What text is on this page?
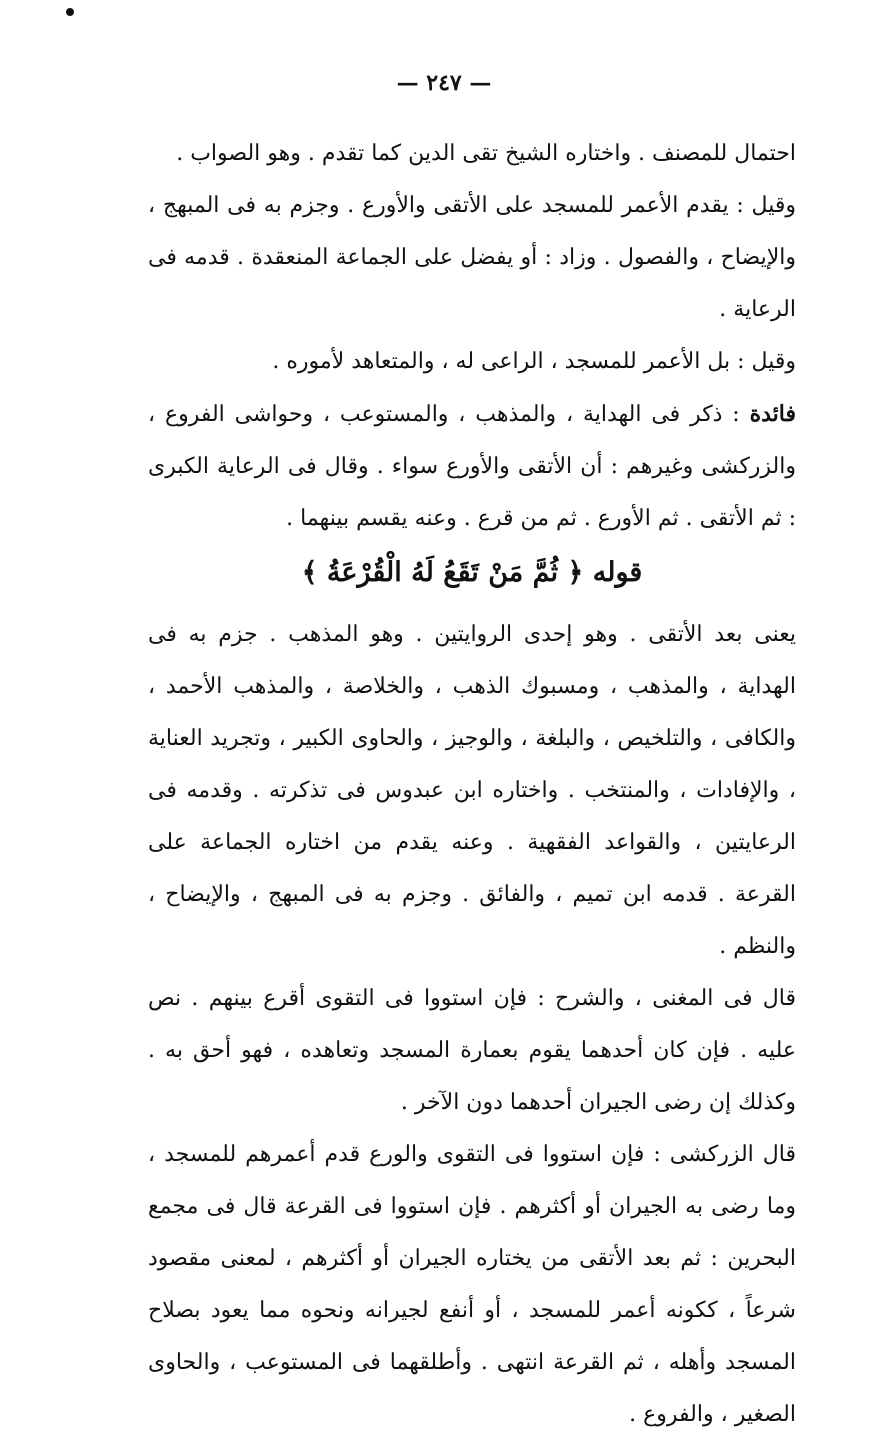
— ٢٤٧ —

احتمال للمصنف . واختاره الشيخ تقى الدين كما تقدم . وهو الصواب .

وقيل : يقدم الأعمر للمسجد على الأتقى والأورع . وجزم به فى المبهج ، والإيضاح ، والفصول . وزاد : أو يفضل على الجماعة المنعقدة . قدمه فى الرعاية .

وقيل : بل الأعمر للمسجد ، الراعى له ، والمتعاهد لأموره .

فائدة : ذكر فى الهداية ، والمذهب ، والمستوعب ، وحواشى الفروع ، والزركشى وغيرهم : أن الأتقى والأورع سواء . وقال فى الرعاية الكبرى : ثم الأتقى . ثم الأورع . ثم من قرع . وعنه يقسم بينهما .

قوله ﴿ ثُمَّ مَنْ تَقَعُ لَهُ الْقُرْعَةُ ﴾

يعنى بعد الأتقى . وهو إحدى الروايتين . وهو المذهب . جزم به فى الهداية ، والمذهب ، ومسبوك الذهب ، والخلاصة ، والمذهب الأحمد ، والكافى ، والتلخيص ، والبلغة ، والوجيز ، والحاوى الكبير ، وتجريد العناية ، والإفادات ، والمنتخب . واختاره ابن عبدوس فى تذكرته . وقدمه فى الرعايتين ، والقواعد الفقهية . وعنه يقدم من اختاره الجماعة على القرعة . قدمه ابن تميم ، والفائق . وجزم به فى المبهج ، والإيضاح ، والنظم .

قال فى المغنى ، والشرح : فإن استووا فى التقوى أقرع بينهم . نص عليه . فإن كان أحدهما يقوم بعمارة المسجد وتعاهده ، فهو أحق به . وكذلك إن رضى الجيران أحدهما دون الآخر .

قال الزركشى : فإن استووا فى التقوى والورع قدم أعمرهم للمسجد ، وما رضى به الجيران أو أكثرهم . فإن استووا فى القرعة قال فى مجمع البحرين : ثم بعد الأتقى من يختاره الجيران أو أكثرهم ، لمعنى مقصود شرعاً ، ككونه أعمر للمسجد ، أو أنفع لجيرانه ونحوه مما يعود بصلاح المسجد وأهله ، ثم القرعة انتهى . وأطلقهما فى المستوعب ، والحاوى الصغير ، والفروع .
